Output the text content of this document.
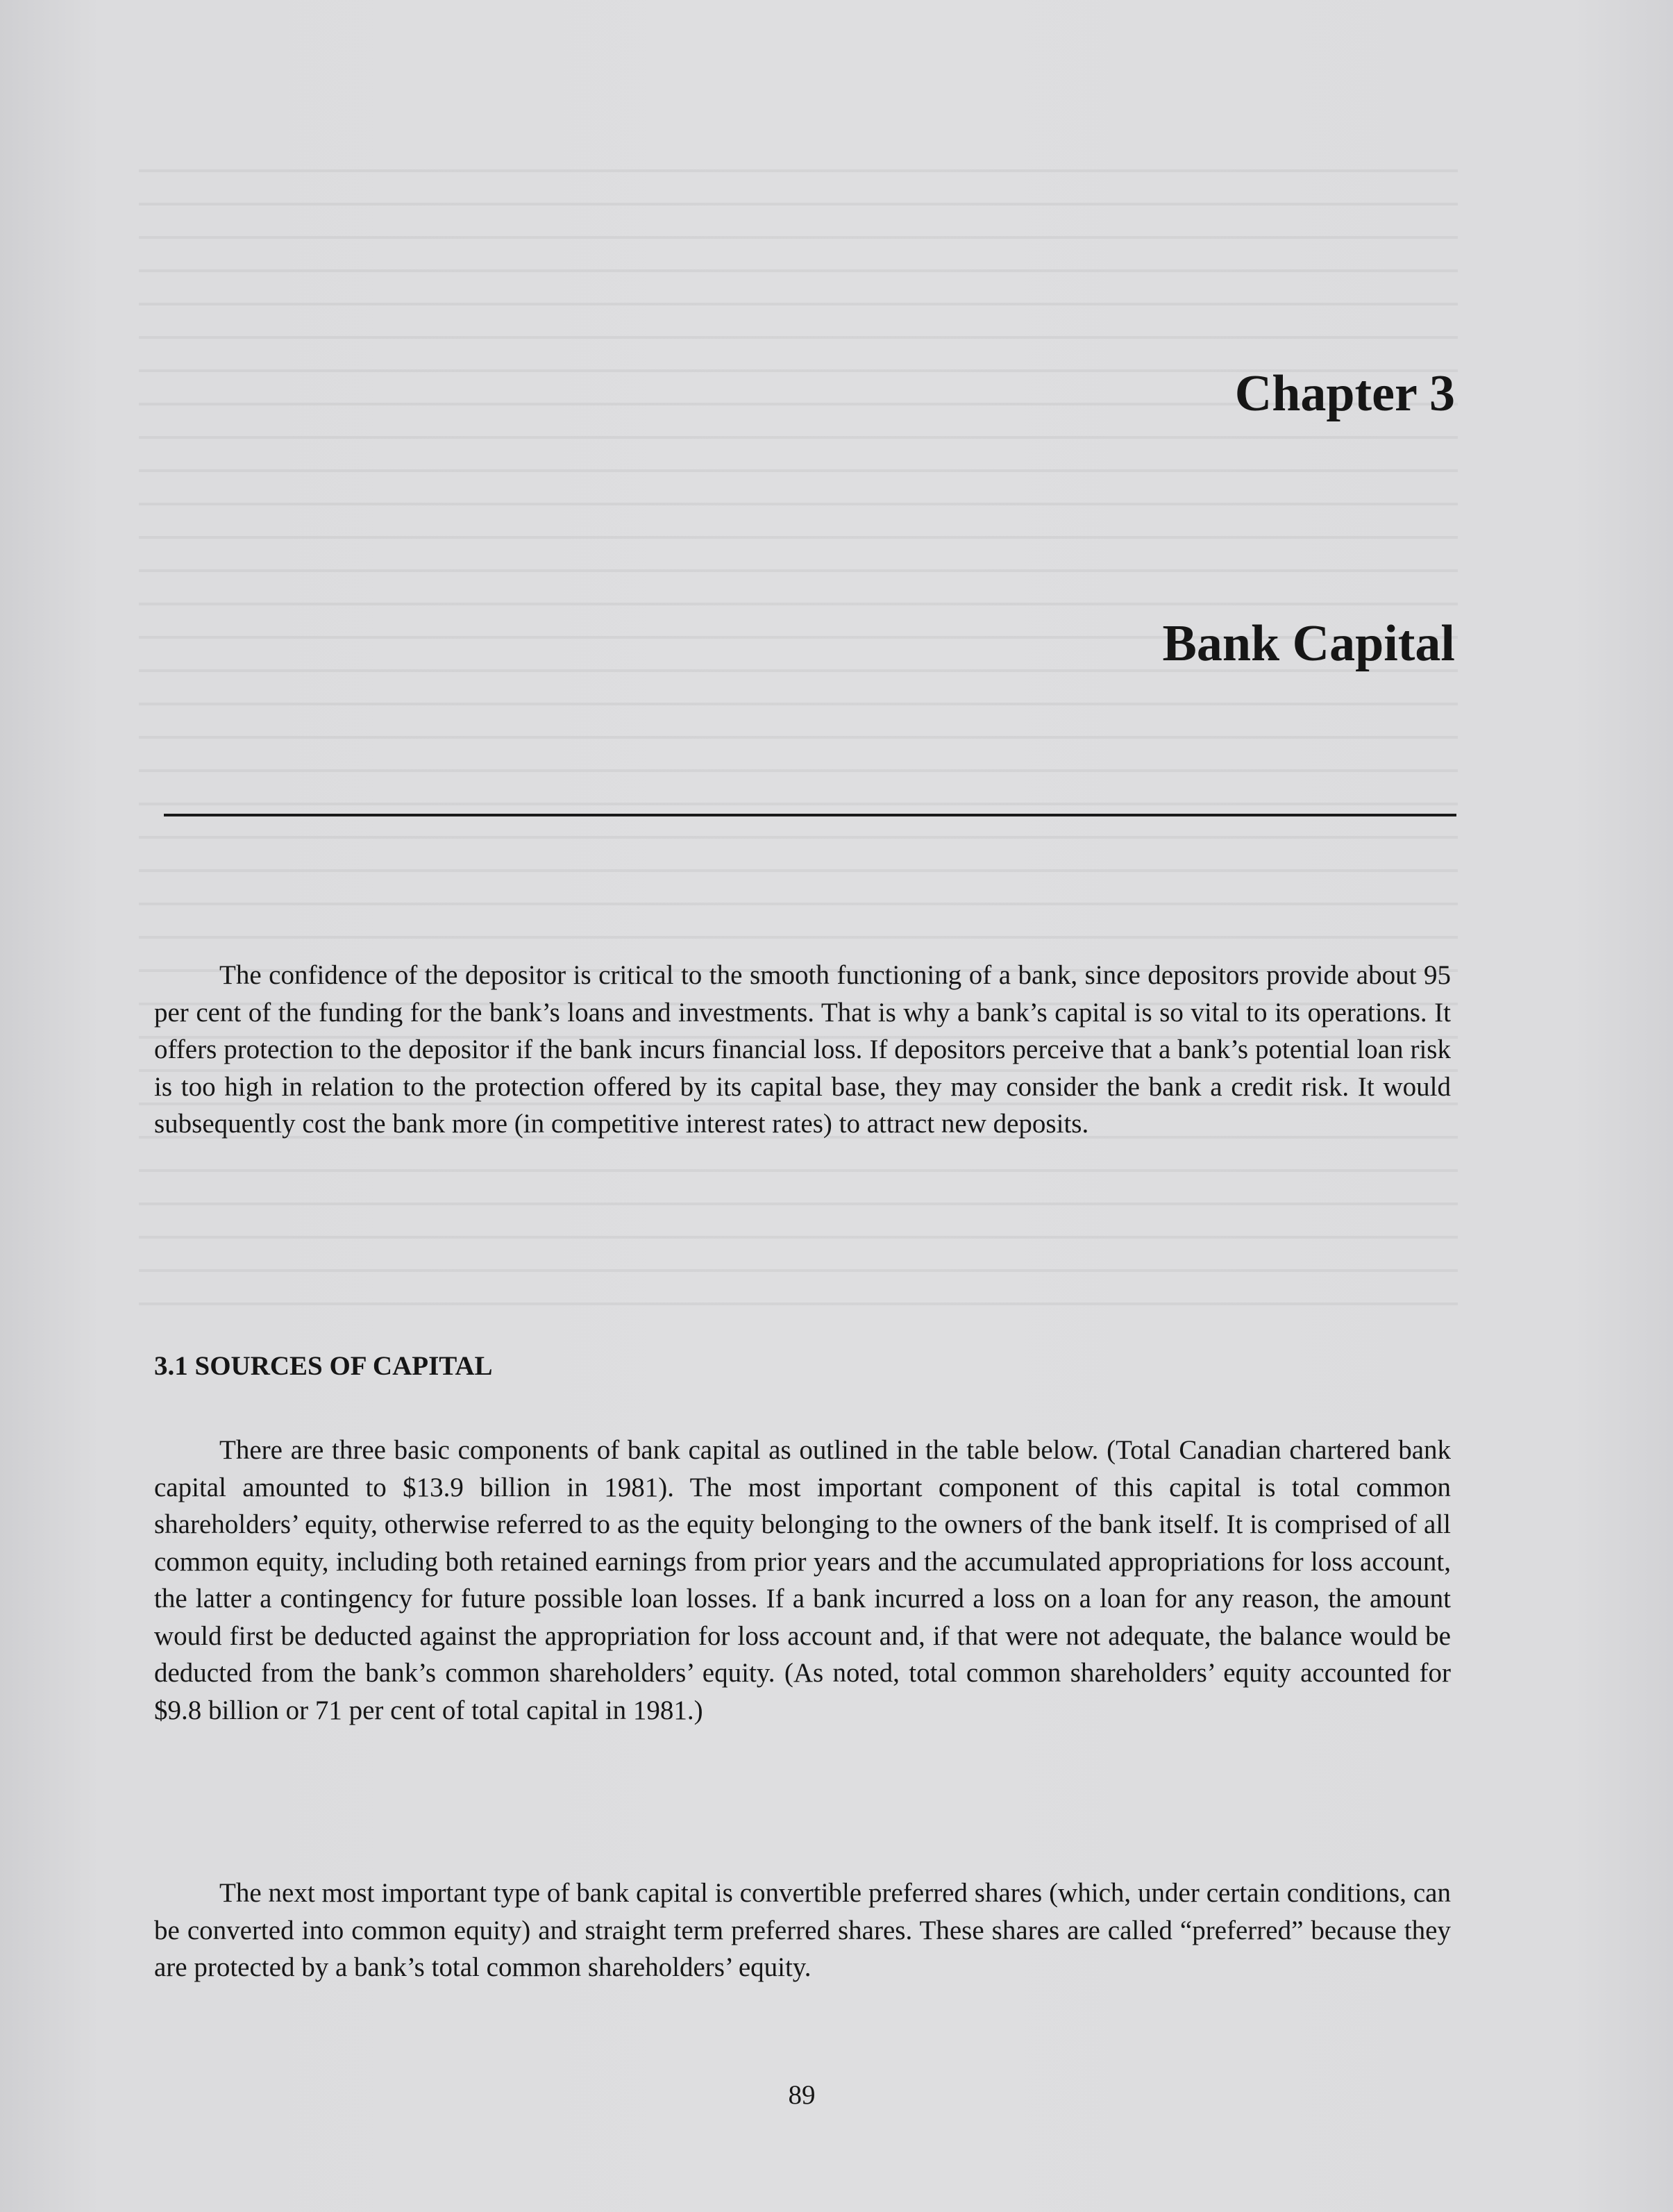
Chapter 3
Bank Capital

The confidence of the depositor is critical to the smooth functioning of a bank, since depositors provide about 95 per cent of the funding for the bank’s loans and investments. That is why a bank’s capital is so vital to its operations. It offers protection to the depositor if the bank incurs financial loss. If depositors perceive that a bank’s potential loan risk is too high in relation to the protection offered by its capital base, they may consider the bank a credit risk. It would subsequently cost the bank more (in competitive interest rates) to attract new deposits.

3.1 SOURCES OF CAPITAL

There are three basic components of bank capital as outlined in the table below. (Total Canadian chartered bank capital amounted to $13.9 billion in 1981). The most important component of this capital is total common shareholders’ equity, otherwise referred to as the equity belonging to the owners of the bank itself. It is comprised of all common equity, including both retained earnings from prior years and the accumulated appropriations for loss account, the latter a contingency for future possible loan losses. If a bank incurred a loss on a loan for any reason, the amount would first be deducted against the appropriation for loss account and, if that were not adequate, the balance would be deducted from the bank’s common shareholders’ equity. (As noted, total common shareholders’ equity accounted for $9.8 billion or 71 per cent of total capital in 1981.)

The next most important type of bank capital is convertible preferred shares (which, under certain conditions, can be converted into common equity) and straight term preferred shares. These shares are called “preferred” because they are protected by a bank’s total common shareholders’ equity.

89
